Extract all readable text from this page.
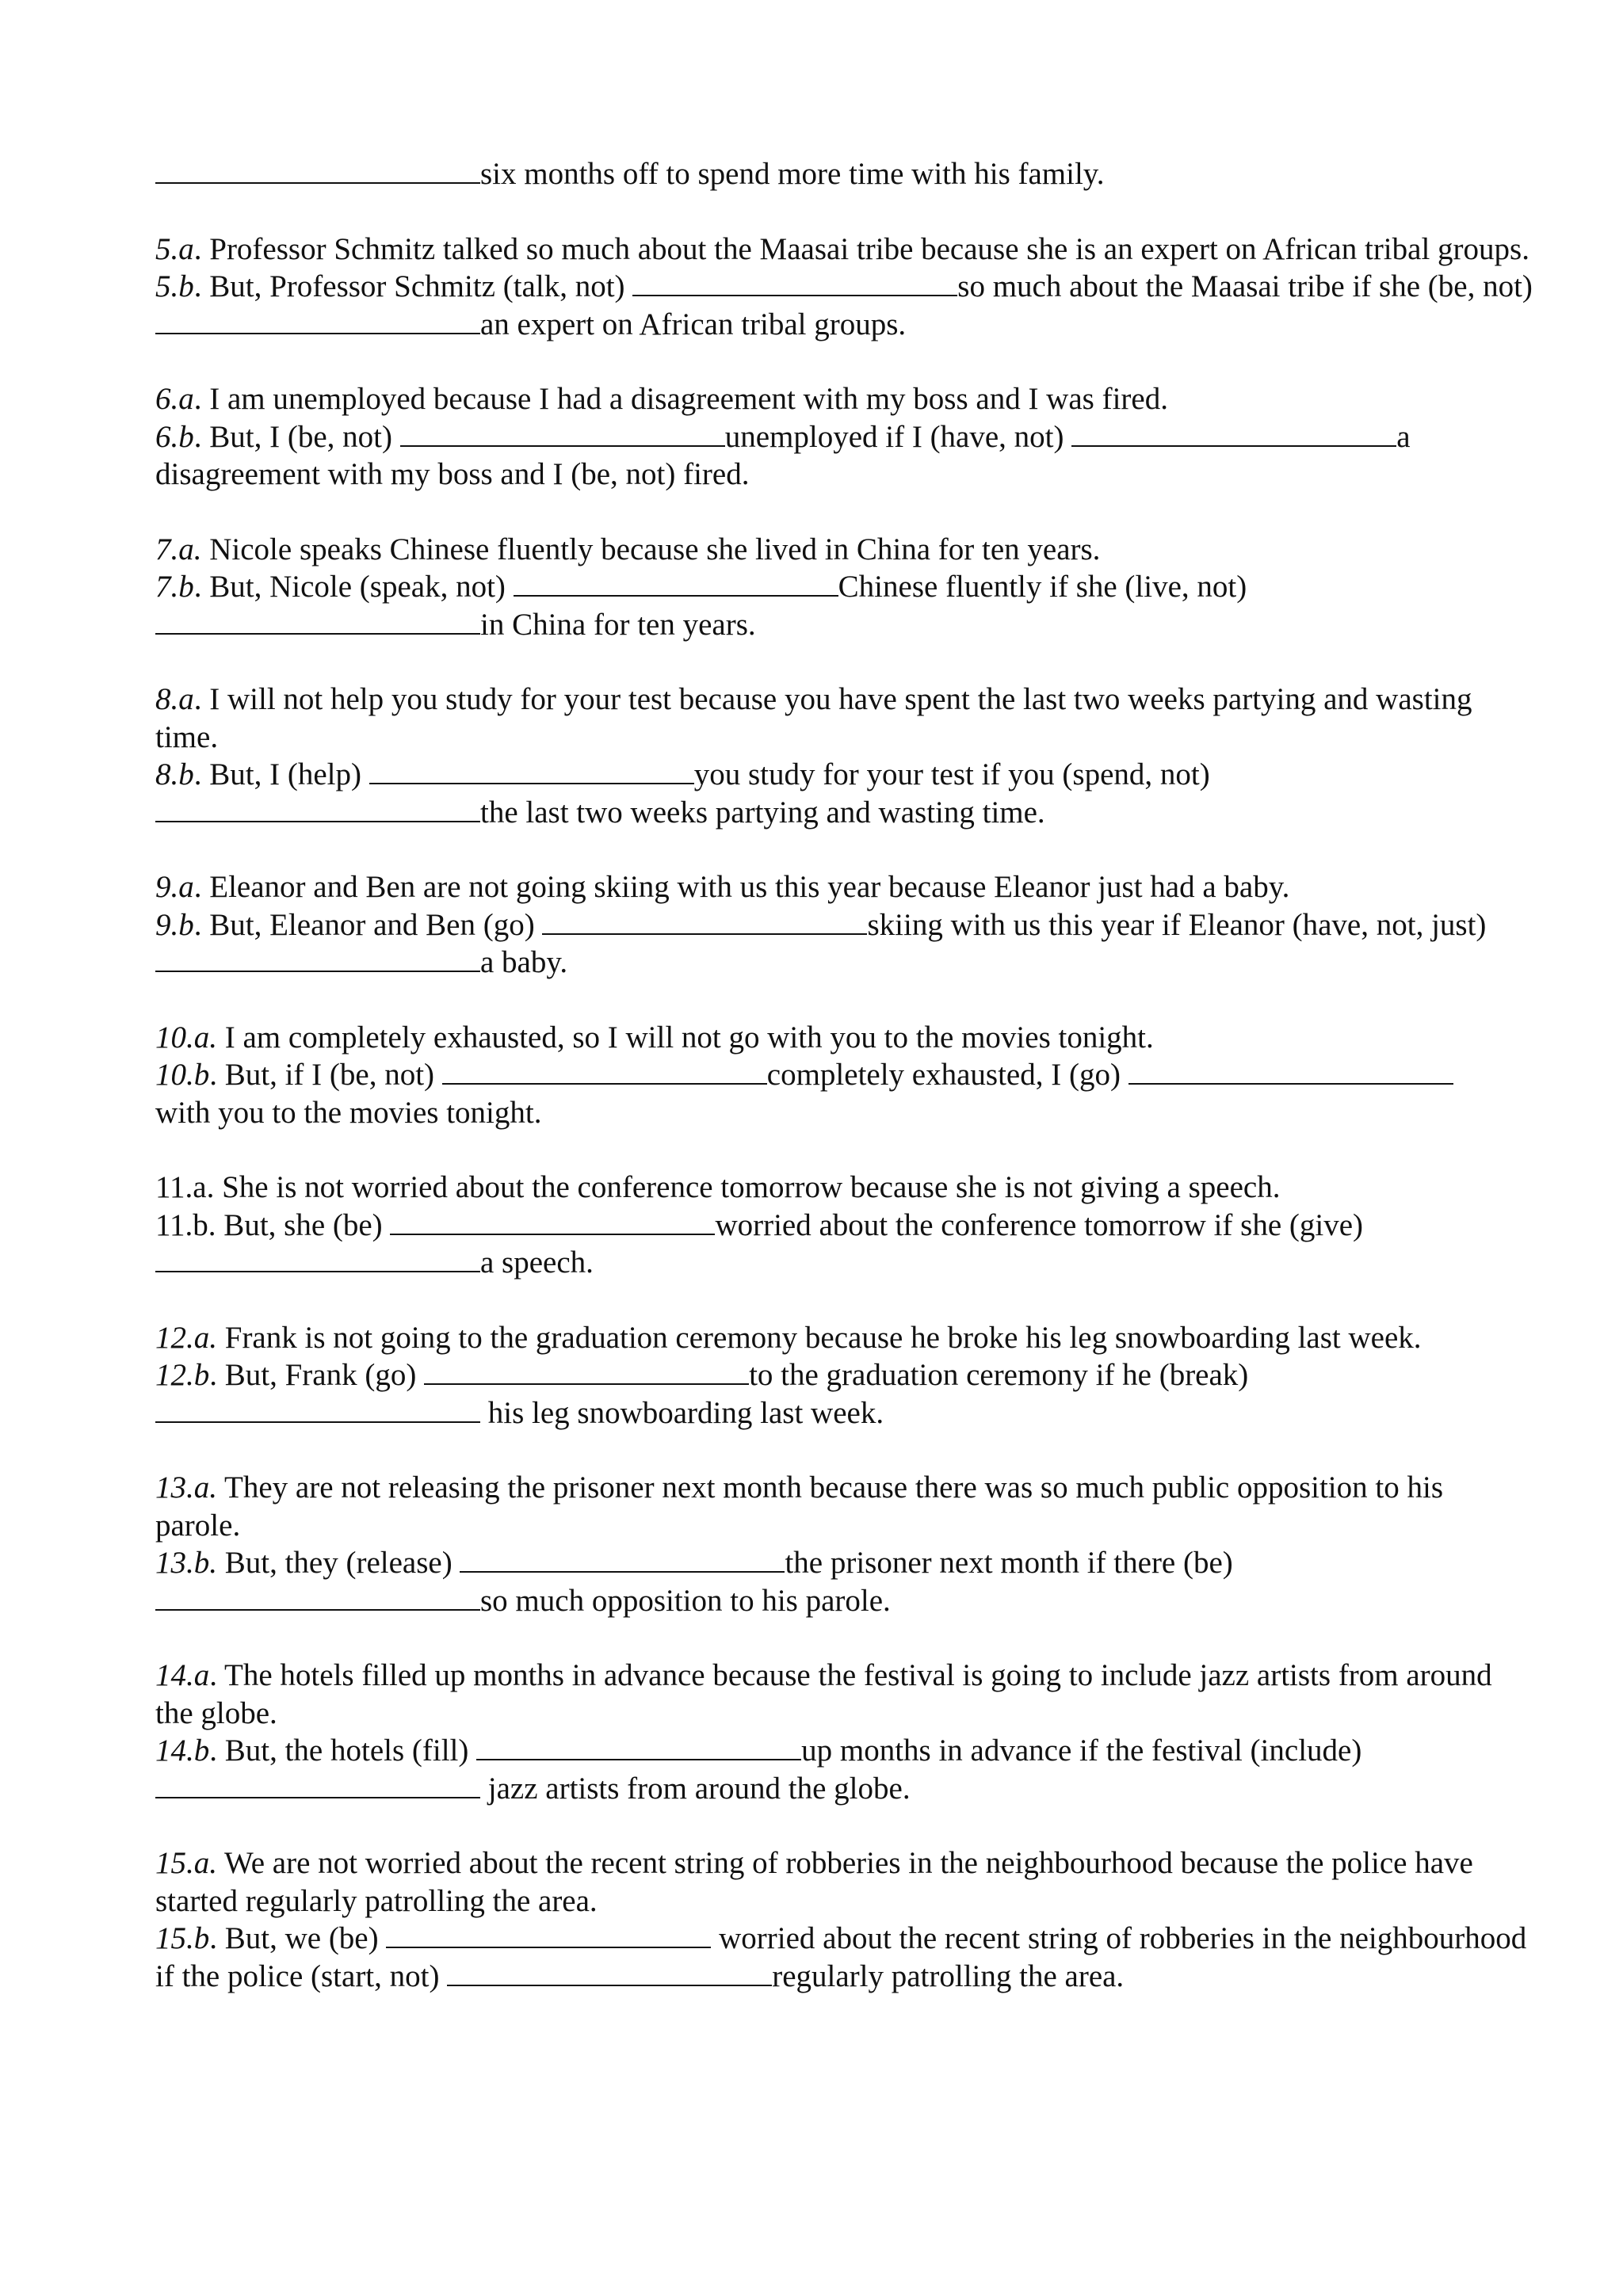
six months off to spend more time with his family.

5.a. Professor Schmitz talked so much about the Maasai tribe because she is an expert on African tribal groups.

5.b. But, Professor Schmitz (talk, not)	so much about the Maasai tribe if she (be, not) an expert on African tribal groups.

6.a. I am unemployed because I had a disagreement with my boss and I was fired.

6.b. But, I (be, not)	unemployed if I (have, not)	a disagreement with my boss and I (be, not) fired.

7.a. Nicole speaks Chinese fluently because she lived in China for ten years.

7.b. But, Nicole (speak, not)	Chinese fluently if she (live, not)
in China for ten years.

8.a. I will not help you study for your test because you have spent the last two weeks partying and wasting time.

8.b. But, I (help)	you study for your test if you (spend, not)
the last two weeks partying and wasting time.

9.a. Eleanor and Ben are not going skiing with us this year because Eleanor just had a baby.

9.b. But, Eleanor and Ben (go)	skiing with us this year if Eleanor (have, not, just) a baby.

10.a. I am completely exhausted, so I will not go with you to the movies tonight.

10.b. But, if I (be, not)	completely exhausted, I (go)
with you to the movies tonight.

11.a. She is not worried about the conference tomorrow because she is not giving a speech.

11.b. But, she (be)	worried about the conference tomorrow if she (give)
a speech.

12.a. Frank is not going to the graduation ceremony because he broke his leg snowboarding last week.

12.b. But, Frank (go)	to the graduation ceremony if he (break)
his leg snowboarding last week.

13.a. They are not releasing the prisoner next month because there was so much public opposition to his parole.

13.b. But, they (release)	the prisoner next month if there (be)
so much opposition to his parole.

14.a. The hotels filled up months in advance because the festival is going to include jazz artists from around the globe.

14.b. But, the hotels (fill)	up months in advance if the festival (include)
jazz artists from around the globe.

15.a. We are not worried about the recent string of robberies in the neighbourhood because the police have started regularly patrolling the area.

15.b. But, we (be)	worried about the recent string of robberies in the neighbourhood if the police (start, not)	regularly patrolling the area.
